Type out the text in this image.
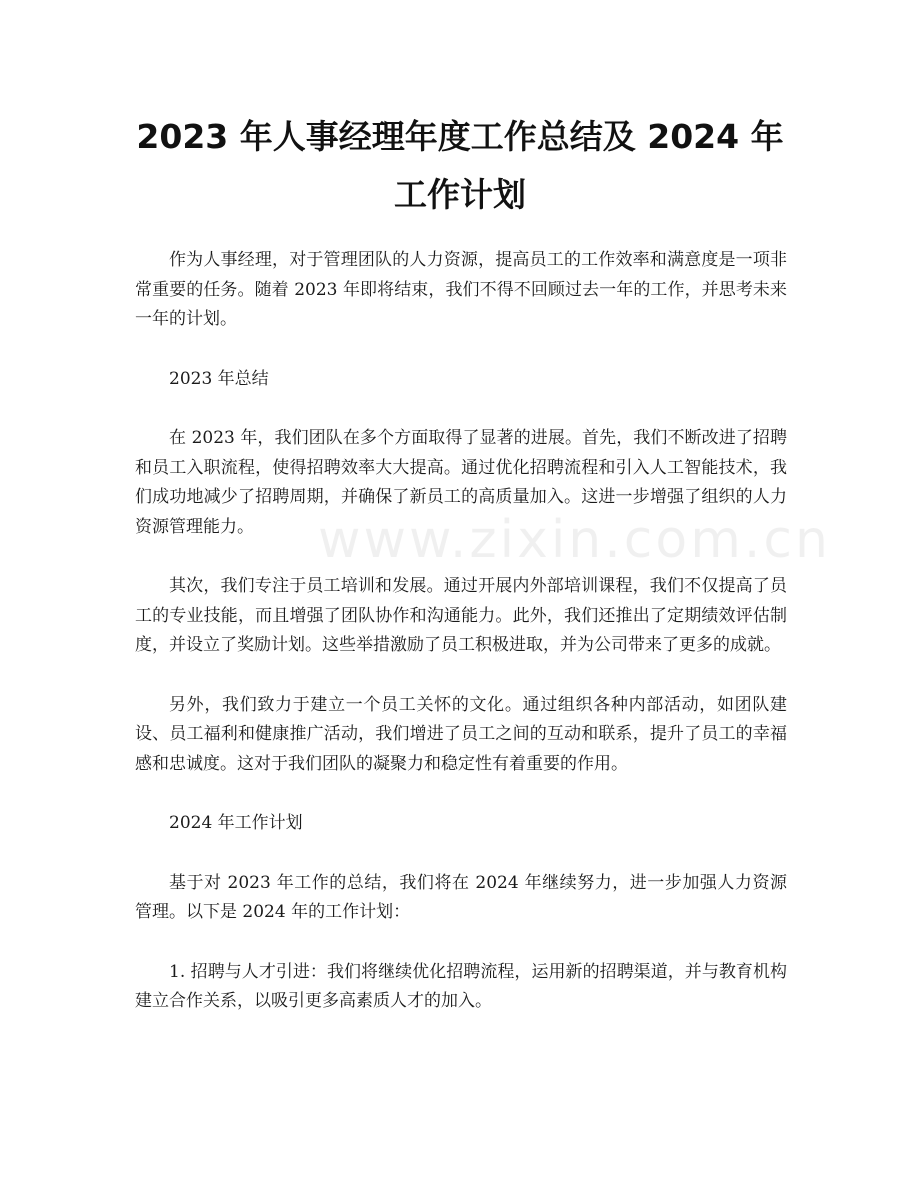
2023 年人事经理年度工作总结及 2024 年工作计划
www.zixin.com.cn

作为人事经理，对于管理团队的人力资源，提高员工的工作效率和满意度是一项非常重要的任务。随着 2023 年即将结束，我们不得不回顾过去一年的工作，并思考未来一年的计划。

2023 年总结

在 2023 年，我们团队在多个方面取得了显著的进展。首先，我们不断改进了招聘和员工入职流程，使得招聘效率大大提高。通过优化招聘流程和引入人工智能技术，我们成功地减少了招聘周期，并确保了新员工的高质量加入。这进一步增强了组织的人力资源管理能力。

其次，我们专注于员工培训和发展。通过开展内外部培训课程，我们不仅提高了员工的专业技能，而且增强了团队协作和沟通能力。此外，我们还推出了定期绩效评估制度，并设立了奖励计划。这些举措激励了员工积极进取，并为公司带来了更多的成就。

另外，我们致力于建立一个员工关怀的文化。通过组织各种内部活动，如团队建设、员工福利和健康推广活动，我们增进了员工之间的互动和联系，提升了员工的幸福感和忠诚度。这对于我们团队的凝聚力和稳定性有着重要的作用。

2024 年工作计划

基于对 2023 年工作的总结，我们将在 2024 年继续努力，进一步加强人力资源管理。以下是 2024 年的工作计划：

1. 招聘与人才引进：我们将继续优化招聘流程，运用新的招聘渠道，并与教育机构建立合作关系，以吸引更多高素质人才的加入。
